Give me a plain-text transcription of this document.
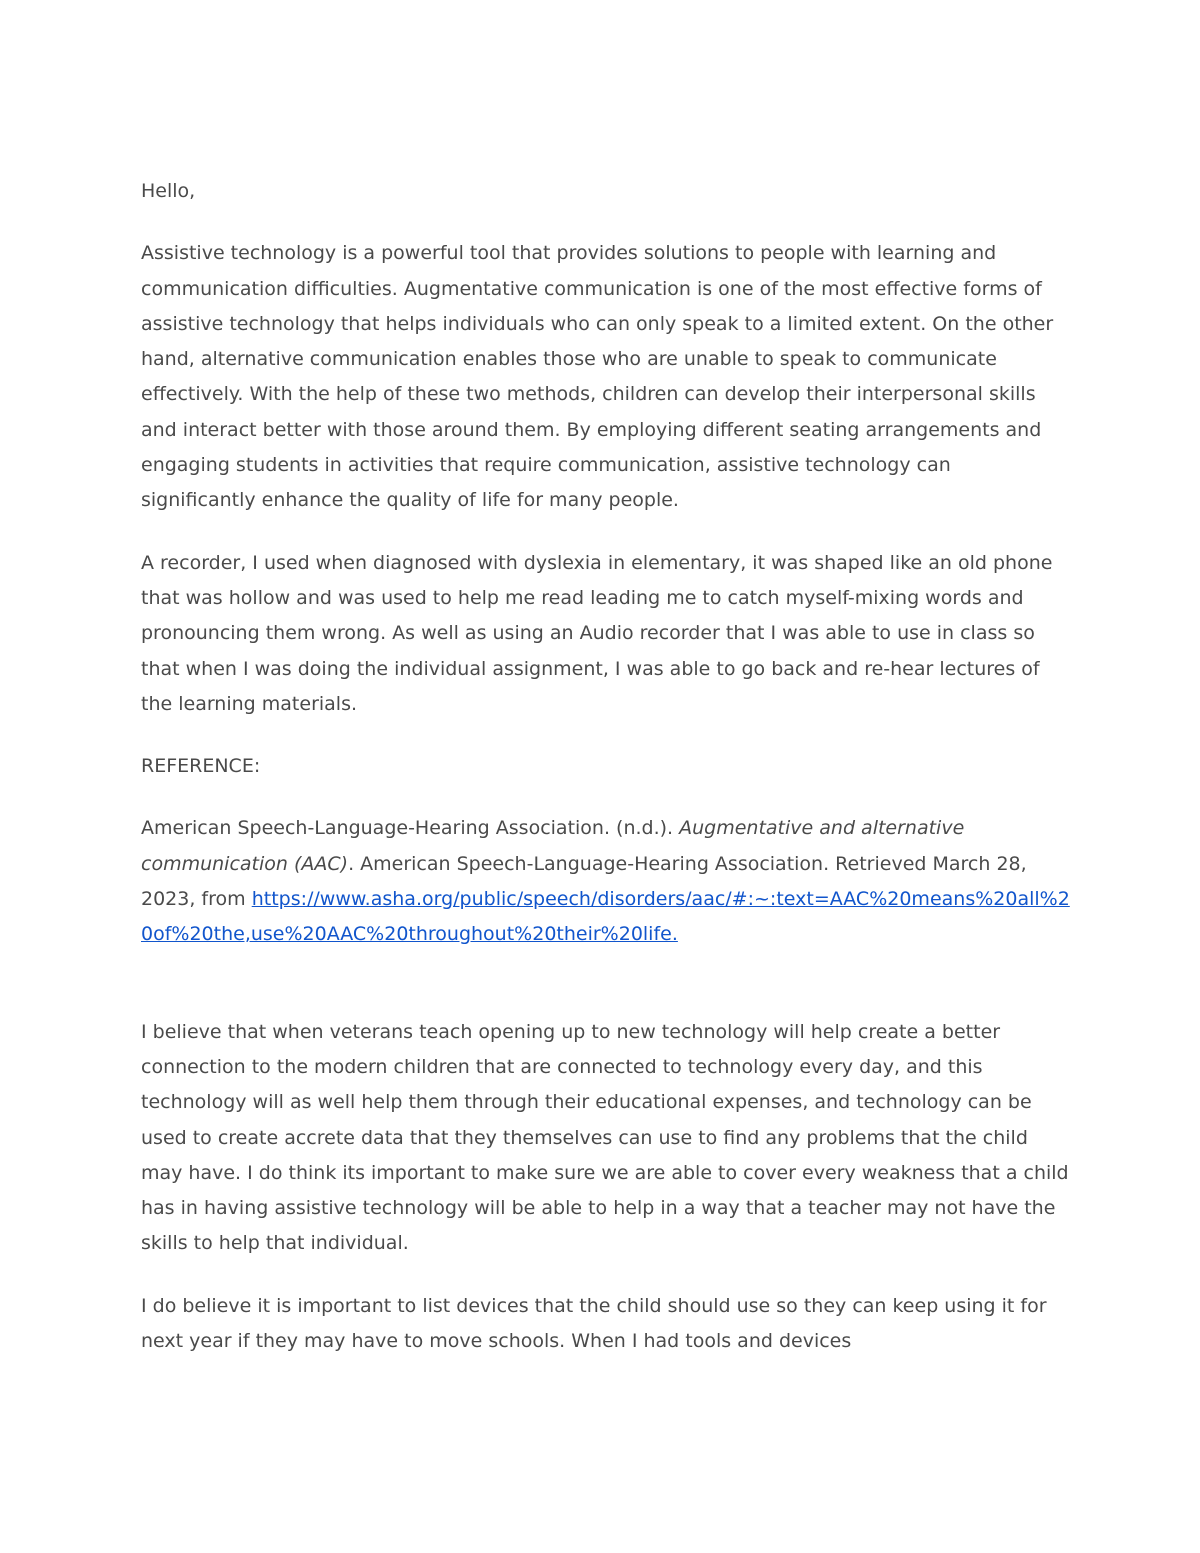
Hello,

Assistive technology is a powerful tool that provides solutions to people with learning and communication difficulties. Augmentative communication is one of the most effective forms of assistive technology that helps individuals who can only speak to a limited extent. On the other hand, alternative communication enables those who are unable to speak to communicate effectively. With the help of these two methods, children can develop their interpersonal skills and interact better with those around them. By employing different seating arrangements and engaging students in activities that require communication, assistive technology can significantly enhance the quality of life for many people.

A recorder, I used when diagnosed with dyslexia in elementary, it was shaped like an old phone that was hollow and was used to help me read leading me to catch myself-mixing words and pronouncing them wrong. As well as using an Audio recorder that I was able to use in class so that when I was doing the individual assignment, I was able to go back and re-hear lectures of the learning materials.

REFERENCE:

American Speech-Language-Hearing Association. (n.d.). Augmentative and alternative communication (AAC). American Speech-Language-Hearing Association. Retrieved March 28, 2023, from https://www.asha.org/public/speech/disorders/aac/#:~:text=AAC%20means%20all%20of%20the,use%20AAC%20throughout%20their%20life.

I believe that when veterans teach opening up to new technology will help create a better connection to the modern children that are connected to technology every day, and this technology will as well help them through their educational expenses, and technology can be used to create accrete data that they themselves can use to find any problems that the child may have. I do think its important to make sure we are able to cover every weakness that a child has in having assistive technology will be able to help in a way that a teacher may not have the skills to help that individual.

I do believe it is important to list devices that the child should use so they can keep using it for next year if they may have to move schools. When I had tools and devices
